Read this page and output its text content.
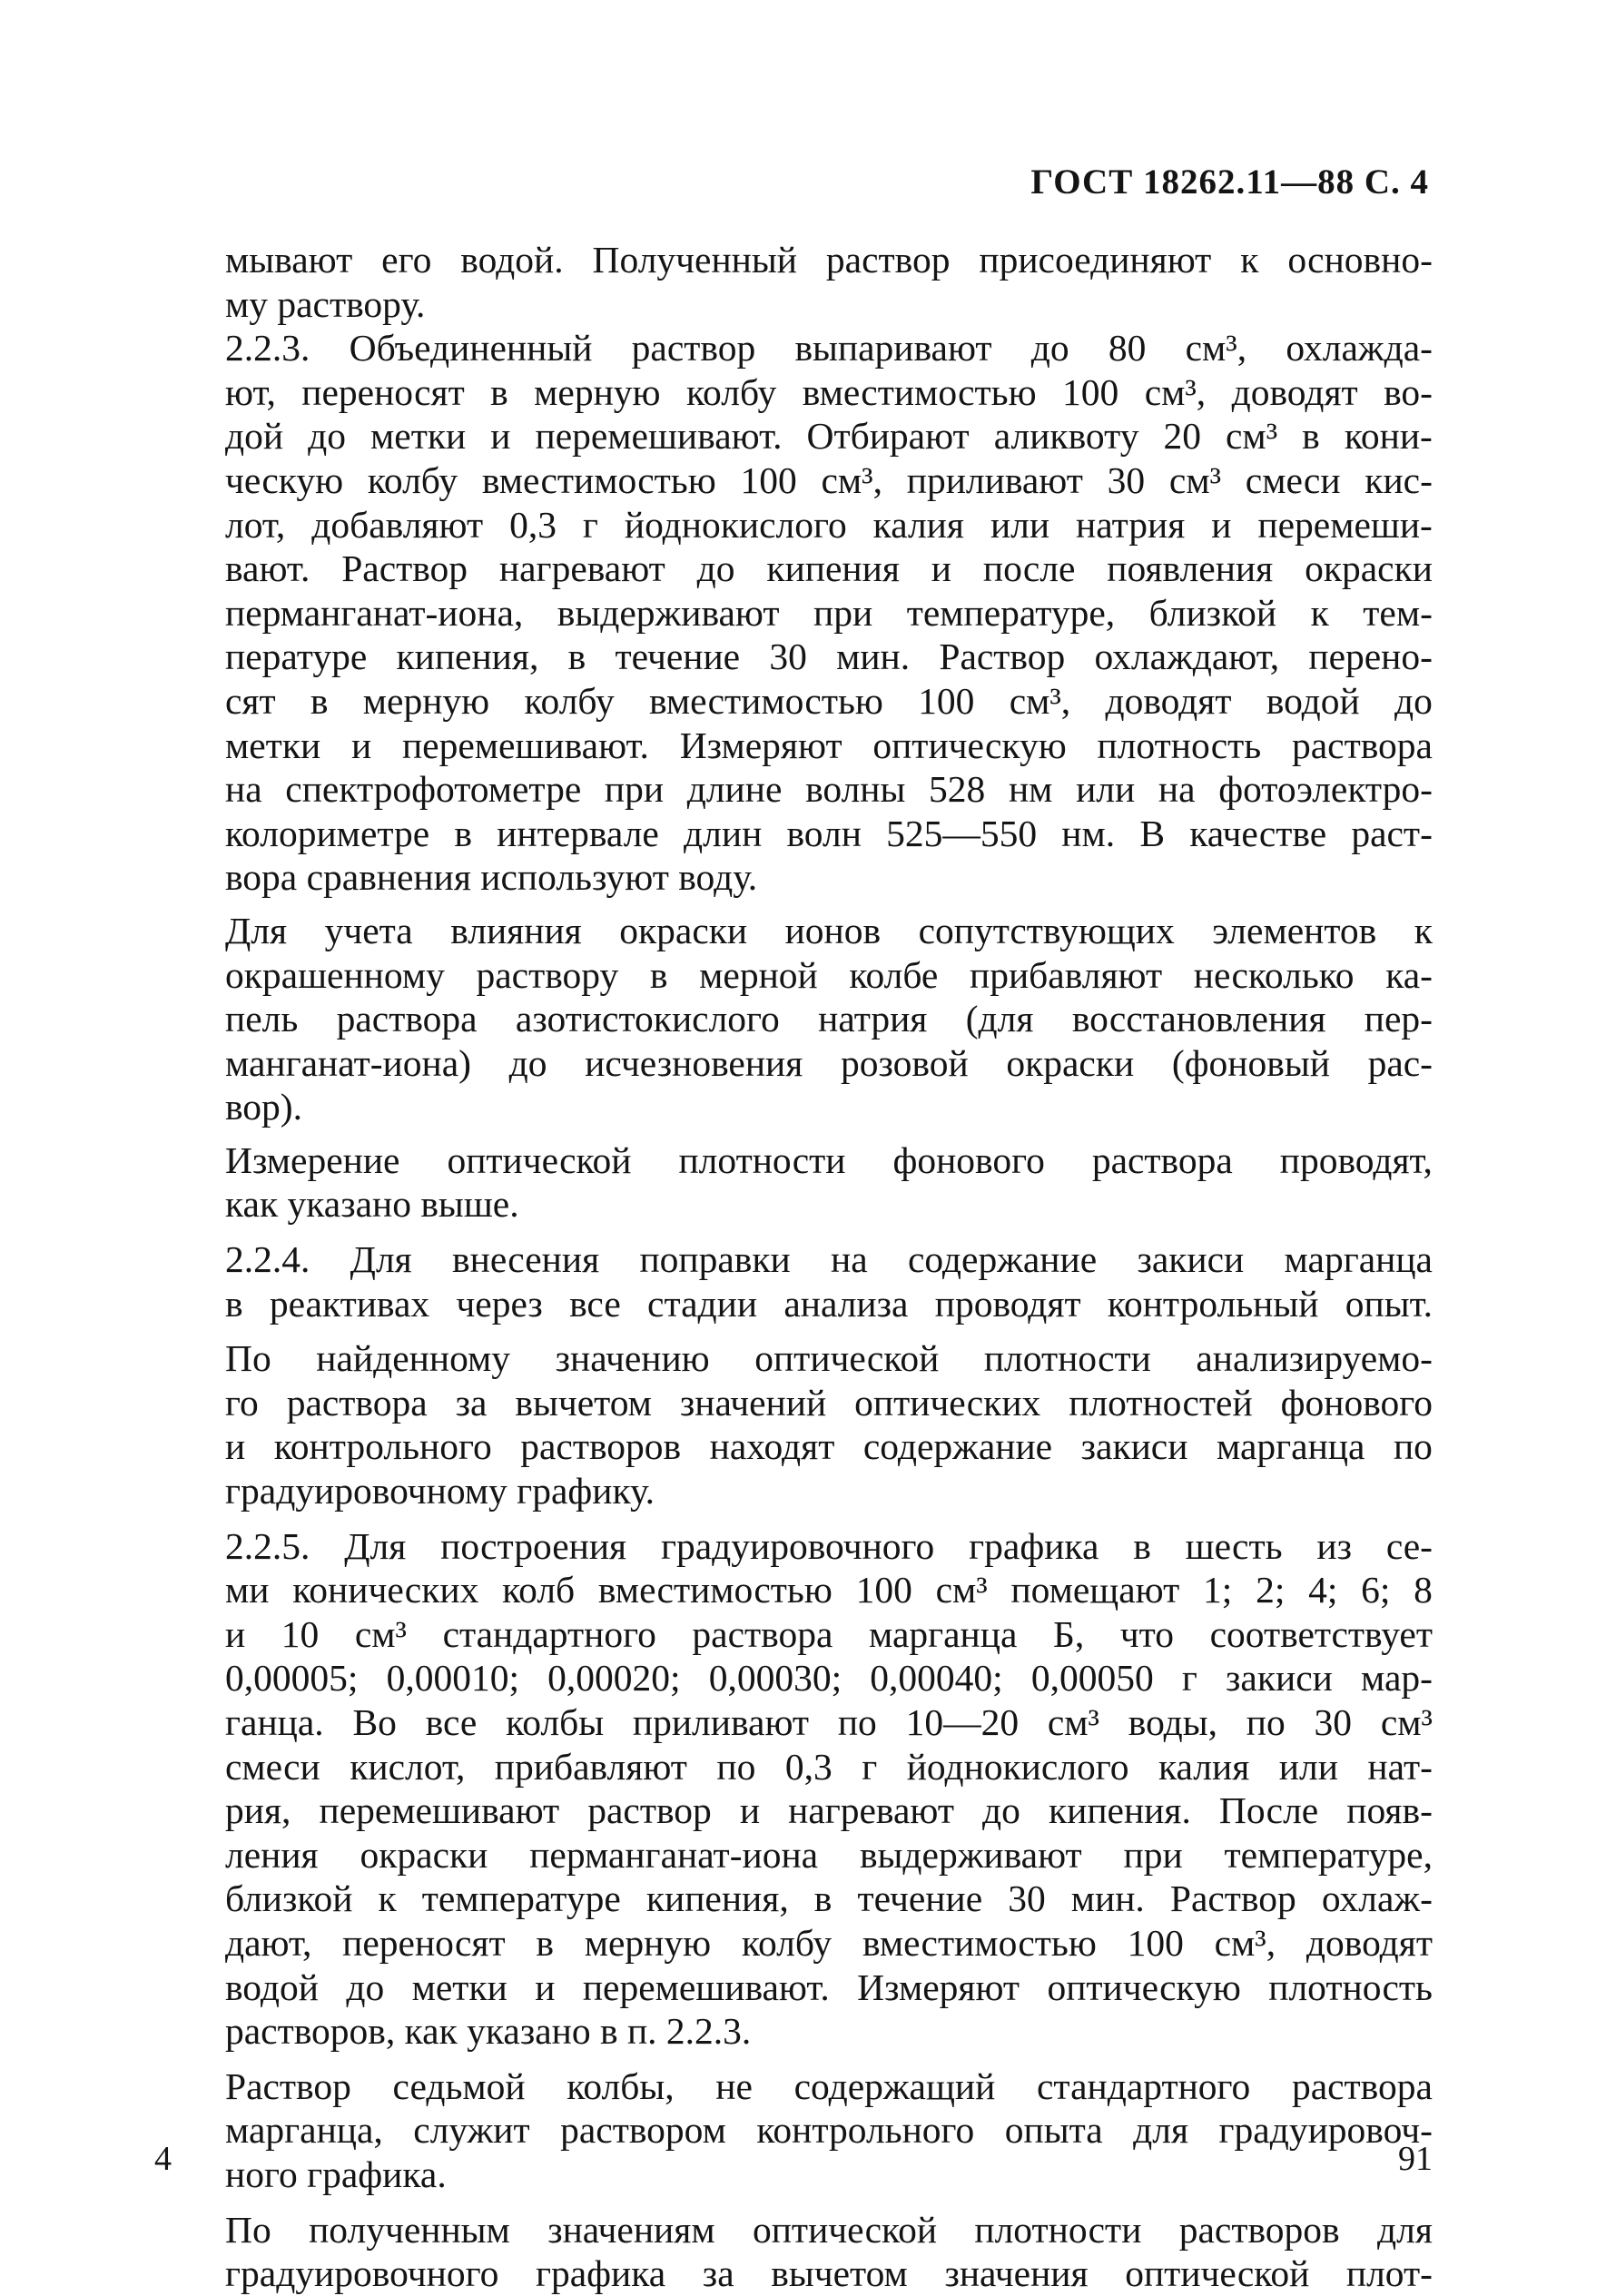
ГОСТ 18262.11—88 С. 4
мывают его водой. Полученный раствор присоединяют к основно-
му раствору.
2.2.3. Объединенный раствор выпаривают до 80 см³, охлажда-
ют, переносят в мерную колбу вместимостью 100 см³, доводят во-
дой до метки и перемешивают. Отбирают аликвоту 20 см³ в кони-
ческую колбу вместимостью 100 см³, приливают 30 см³ смеси кис-
лот, добавляют 0,3 г йоднокислого калия или натрия и перемеши-
вают. Раствор нагревают до кипения и после появления окраски
перманганат-иона, выдерживают при температуре, близкой к тем-
пературе кипения, в течение 30 мин. Раствор охлаждают, перено-
сят в мерную колбу вместимостью 100 см³, доводят водой до
метки и перемешивают. Измеряют оптическую плотность раствора
на спектрофотометре при длине волны 528 нм или на фотоэлектро-
колориметре в интервале длин волн 525—550 нм. В качестве раст-
вора сравнения используют воду.
Для учета влияния окраски ионов сопутствующих элементов к
окрашенному раствору в мерной колбе прибавляют несколько ка-
пель раствора азотистокислого натрия (для восстановления пер-
манганат-иона) до исчезновения розовой окраски (фоновый рас-
вор).
Измерение оптической плотности фонового раствора проводят,
как указано выше.
2.2.4. Для внесения поправки на содержание закиси марганца
в реактивах через все стадии анализа проводят контрольный опыт.
По найденному значению оптической плотности анализируемо-
го раствора за вычетом значений оптических плотностей фонового
и контрольного растворов находят содержание закиси марганца по
градуировочному графику.
2.2.5. Для построения градуировочного графика в шесть из се-
ми конических колб вместимостью 100 см³ помещают 1; 2; 4; 6; 8
и 10 см³ стандартного раствора марганца Б, что соответствует
0,00005; 0,00010; 0,00020; 0,00030; 0,00040; 0,00050 г закиси мар-
ганца. Во все колбы приливают по 10—20 см³ воды, по 30 см³
смеси кислот, прибавляют по 0,3 г йоднокислого калия или нат-
рия, перемешивают раствор и нагревают до кипения. После появ-
ления окраски перманганат-иона выдерживают при температуре,
близкой к температуре кипения, в течение 30 мин. Раствор охлаж-
дают, переносят в мерную колбу вместимостью 100 см³, доводят
водой до метки и перемешивают. Измеряют оптическую плотность
растворов, как указано в п. 2.2.3.
Раствор седьмой колбы, не содержащий стандартного раствора
марганца, служит раствором контрольного опыта для градуировоч-
ного графика.
По полученным значениям оптической плотности растворов для
градуировочного графика за вычетом значения оптической плот-
4	91
